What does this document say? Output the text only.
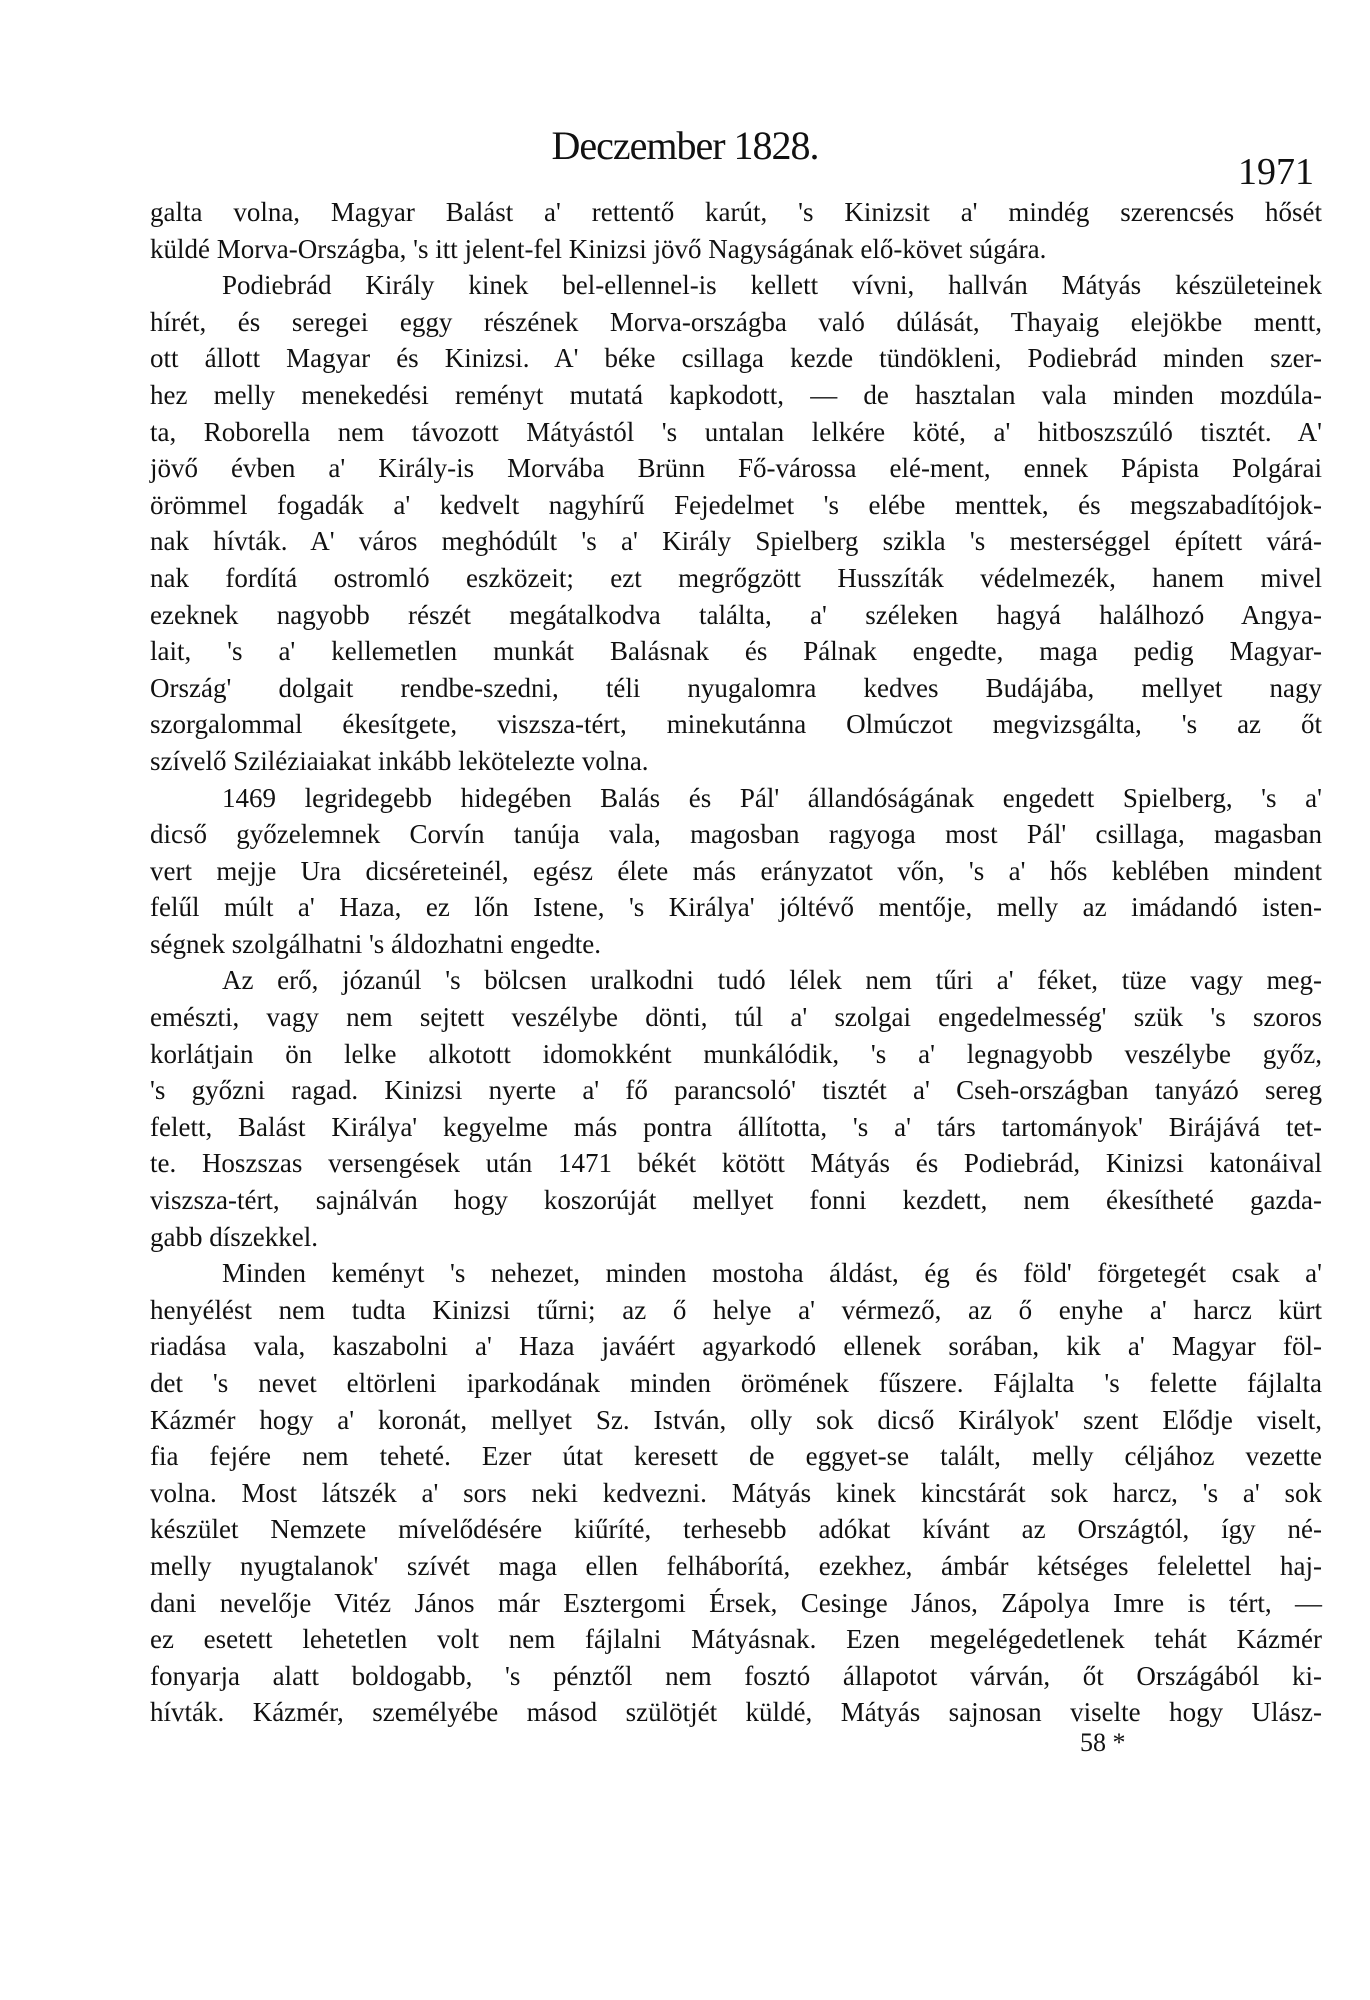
Deczember 1828.
1971
galta volna, Magyar Balást a' rettentő karút, 's Kinizsit a' mindég szerencsés hősét
küldé Morva-Országba, 's itt jelent-fel Kinizsi jövő Nagyságának elő-követ súgára.
Podiebrád Király kinek bel-ellennel-is kellett vívni, hallván Mátyás készületeinek
hírét, és seregei eggy részének Morva-országba való dúlását, Thayaig elejökbe mentt,
ott állott Magyar és Kinizsi. A' béke csillaga kezde tündökleni, Podiebrád minden szer-
hez melly menekedési reményt mutatá kapkodott, — de hasztalan vala minden mozdúla-
ta, Roborella nem távozott Mátyástól 's untalan lelkére köté, a' hitboszszúló tisztét. A'
jövő évben a' Király-is Morvába Brünn Fő-várossa elé-ment, ennek Pápista Polgárai
örömmel fogadák a' kedvelt nagyhírű Fejedelmet 's elébe menttek, és megszabadítójok-
nak hívták. A' város meghódúlt 's a' Király Spielberg szikla 's mesterséggel épített várá-
nak fordítá ostromló eszközeit; ezt megrőgzött Husszíták védelmezék, hanem mivel
ezeknek nagyobb részét megátalkodva találta, a' széleken hagyá halálhozó Angya-
lait, 's a' kellemetlen munkát Balásnak és Pálnak engedte, maga pedig Magyar-
Ország' dolgait rendbe-szedni, téli nyugalomra kedves Budájába, mellyet nagy
szorgalommal ékesítgete, viszsza-tért, minekutánna Olmúczot megvizsgálta, 's az őt
szívelő Sziléziaiakat inkább lekötelezte volna.
1469 legridegebb hidegében Balás és Pál' állandóságának engedett Spielberg, 's a'
dicső győzelemnek Corvín tanúja vala, magosban ragyoga most Pál' csillaga, magasban
vert mejje Ura dicséreteinél, egész élete más erányzatot vőn, 's a' hős keblében mindent
felűl múlt a' Haza, ez lőn Istene, 's Királya' jóltévő mentője, melly az imádandó isten-
ségnek szolgálhatni 's áldozhatni engedte.
Az erő, józanúl 's bölcsen uralkodni tudó lélek nem tűri a' féket, tüze vagy meg-
emészti, vagy nem sejtett veszélybe dönti, túl a' szolgai engedelmesség' szük 's szoros
korlátjain ön lelke alkotott idomokként munkálódik, 's a' legnagyobb veszélybe győz,
's győzni ragad. Kinizsi nyerte a' fő parancsoló' tisztét a' Cseh-országban tanyázó sereg
felett, Balást Királya' kegyelme más pontra állította, 's a' társ tartományok' Birájává tet-
te. Hoszszas versengések után 1471 békét kötött Mátyás és Podiebrád, Kinizsi katonáival
viszsza-tért, sajnálván hogy koszorúját mellyet fonni kezdett, nem ékesítheté gazda-
gabb díszekkel.
Minden keményt 's nehezet, minden mostoha áldást, ég és föld' förgetegét csak a'
henyélést nem tudta Kinizsi tűrni; az ő helye a' vérmező, az ő enyhe a' harcz kürt
riadása vala, kaszabolni a' Haza javáért agyarkodó ellenek sorában, kik a' Magyar föl-
det 's nevet eltörleni iparkodának minden örömének fűszere. Fájlalta 's felette fájlalta
Kázmér hogy a' koronát, mellyet Sz. István, olly sok dicső Királyok' szent Elődje viselt,
fia fejére nem teheté. Ezer útat keresett de eggyet-se talált, melly céljához vezette
volna. Most látszék a' sors neki kedvezni. Mátyás kinek kincstárát sok harcz, 's a' sok
készület Nemzete mívelődésére kiűríté, terhesebb adókat kívánt az Országtól, így né-
melly nyugtalanok' szívét maga ellen felháborítá, ezekhez, ámbár kétséges felelettel haj-
dani nevelője Vitéz János már Esztergomi Érsek, Cesinge János, Zápolya Imre is tért, —
ez esetett lehetetlen volt nem fájlalni Mátyásnak. Ezen megelégedetlenek tehát Kázmér
fonyarja alatt boldogabb, 's pénztől nem fosztó állapotot várván, őt Országából ki-
hívták. Kázmér, személyébe másod szülötjét küldé, Mátyás sajnosan viselte hogy Ulász-
58 *
